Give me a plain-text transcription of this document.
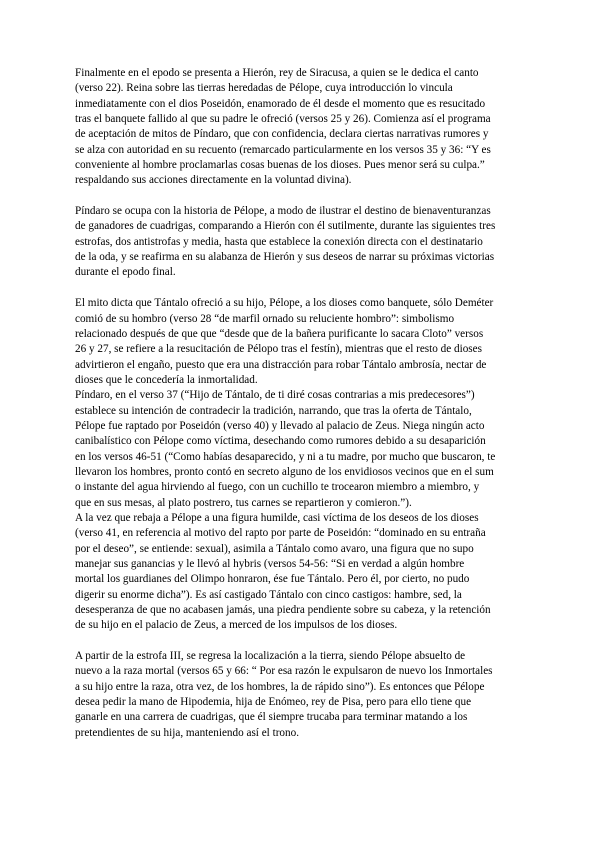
Finalmente en el epodo se presenta a Hierón, rey de Siracusa, a quien se le dedica el canto
(verso 22). Reina sobre las tierras heredadas de Pélope, cuya introducción lo vincula
inmediatamente con el dios Poseidón, enamorado de él desde el momento que es resucitado
tras el banquete fallido al que su padre le ofreció (versos 25 y 26). Comienza así el programa
de aceptación de mitos de Píndaro, que con confidencia, declara ciertas narrativas rumores y
se alza con autoridad en su recuento (remarcado particularmente en los versos 35 y 36: “Y es
conveniente al hombre proclamarlas cosas buenas de los dioses. Pues menor será su culpa.”
respaldando sus acciones directamente en la voluntad divina).

Píndaro se ocupa con la historia de Pélope, a modo de ilustrar el destino de bienaventuranzas
de ganadores de cuadrigas, comparando a Hierón con él sutilmente, durante las siguientes tres
estrofas, dos antistrofas y media, hasta que establece la conexión directa con el destinatario
de la oda, y se reafirma en su alabanza de Hierón y sus deseos de narrar su próximas victorias
durante el epodo final.

El mito dicta que Tántalo ofreció a su hijo, Pélope, a los dioses como banquete, sólo Deméter
comió de su hombro (verso 28 “de marfil ornado su reluciente hombro”: simbolismo
relacionado después de que que “desde que de la bañera purificante lo sacara Cloto” versos
26 y 27, se refiere a la resucitación de Pélopo tras el festín), mientras que el resto de dioses
advirtieron el engaño, puesto que era una distracción para robar Tántalo ambrosía, nectar de
dioses que le concedería la inmortalidad.
Píndaro, en el verso 37 (“Hijo de Tántalo, de ti diré cosas contrarias a mis predecesores”)
establece su intención de contradecir la tradición, narrando, que tras la oferta de Tántalo,
Pélope fue raptado por Poseidón (verso 40) y llevado al palacio de Zeus. Niega ningún acto
canibalístico con Pélope como víctima, desechando como rumores debido a su desaparición
en los versos 46-51 (“Como habías desaparecido, y ni a tu madre, por mucho que buscaron, te
llevaron los hombres, pronto contó en secreto alguno de los envidiosos vecinos que en el sum
o instante del agua hirviendo al fuego, con un cuchillo te trocearon miembro a miembro, y
que en sus mesas, al plato postrero, tus carnes se repartieron y comieron.”).
A la vez que rebaja a Pélope a una figura humilde, casi víctima de los deseos de los dioses
(verso 41, en referencia al motivo del rapto por parte de Poseidón: “dominado en su entraña
por el deseo”, se entiende: sexual), asimila a Tántalo como avaro, una figura que no supo
manejar sus ganancias y le llevó al hybris (versos 54-56: “Si en verdad a algún hombre
mortal los guardianes del Olimpo honraron, ése fue Tántalo. Pero él, por cierto, no pudo
digerir su enorme dicha”). Es así castigado Tántalo con cinco castigos: hambre, sed, la
desesperanza de que no acabasen jamás, una piedra pendiente sobre su cabeza, y la retención
de su hijo en el palacio de Zeus, a merced de los impulsos de los dioses.

A partir de la estrofa III, se regresa la localización a la tierra, siendo Pélope absuelto de
nuevo a la raza mortal (versos 65 y 66: “ Por esa razón le expulsaron de nuevo los Inmortales
a su hijo entre la raza, otra vez, de los hombres, la de rápido sino”). Es entonces que Pélope
desea pedir la mano de Hipodemia, hija de Enómeo, rey de Pisa, pero para ello tiene que
ganarle en una carrera de cuadrigas, que él siempre trucaba para terminar matando a los
pretendientes de su hija, manteniendo así el trono.
